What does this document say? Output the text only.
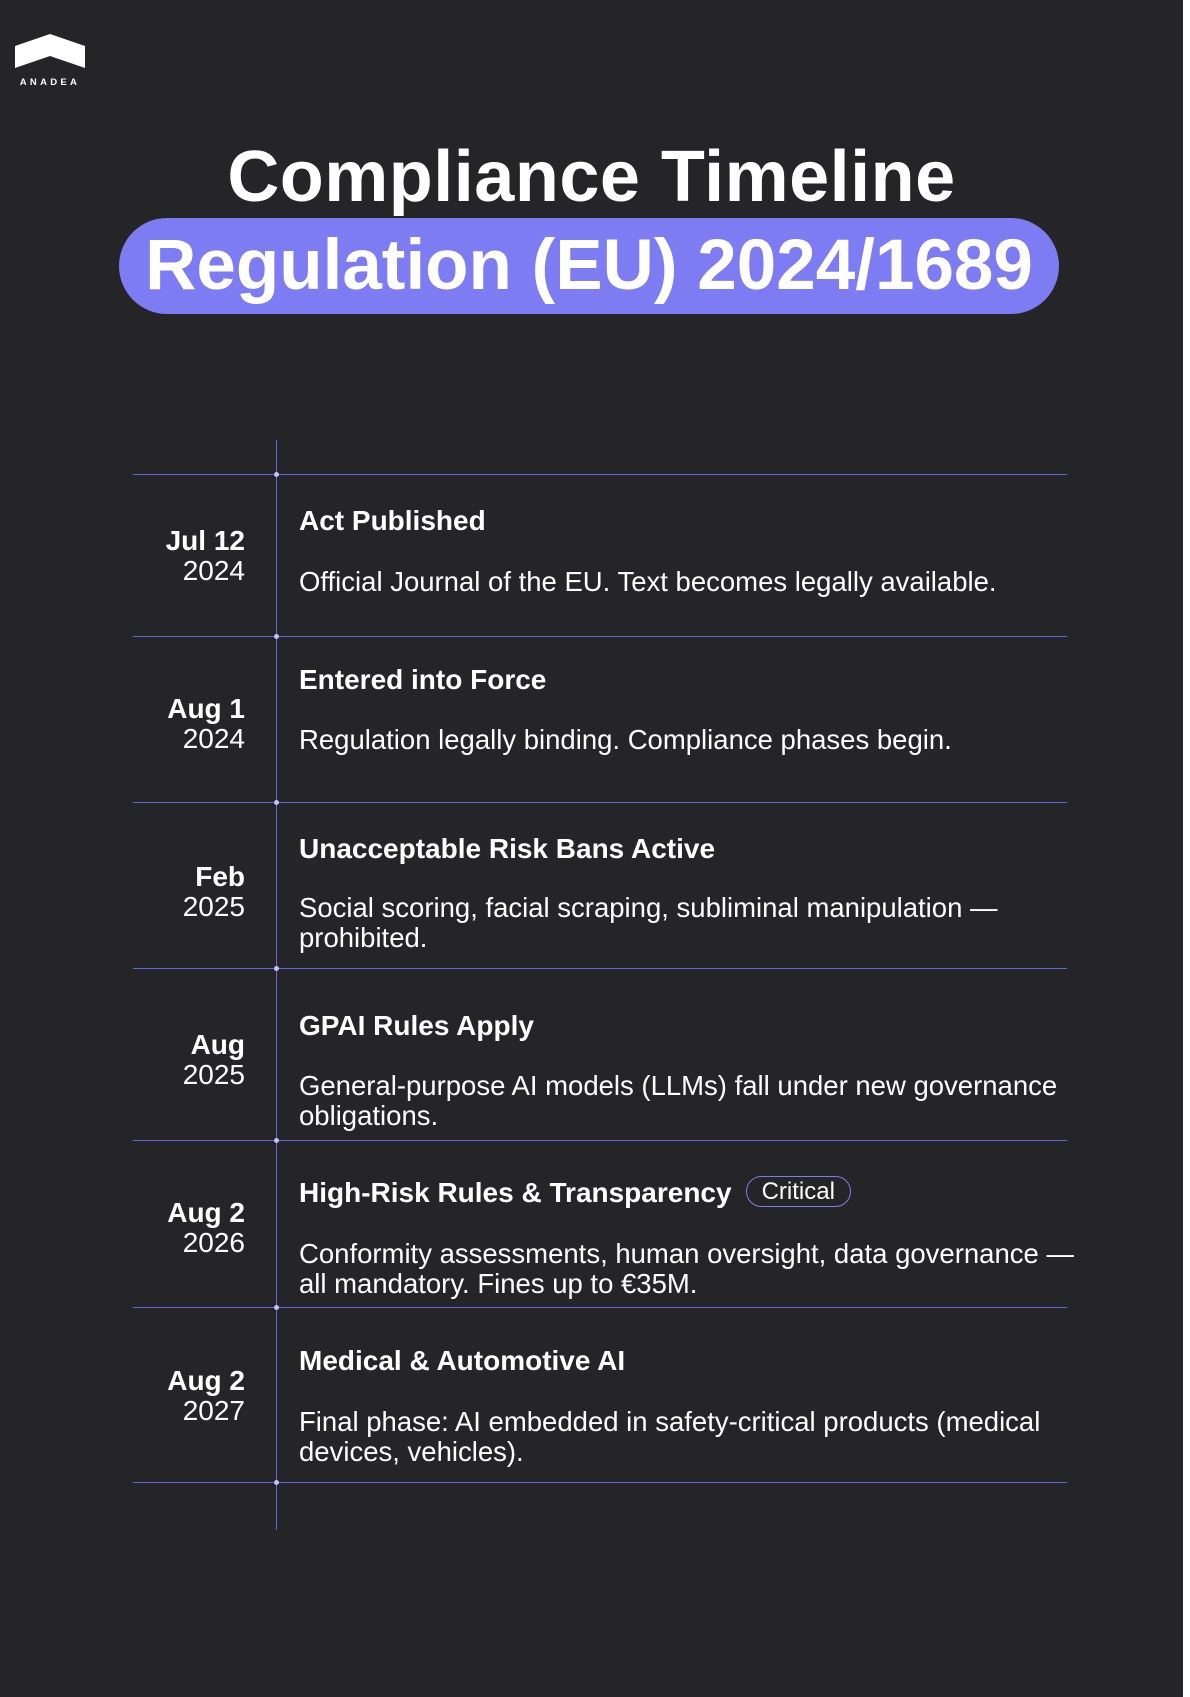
ANADEA
Compliance Timeline
Regulation (EU) 2024/1689
Jul 12
2024
Act Published
Official Journal of the EU. Text becomes legally available.
Aug 1
2024
Entered into Force
Regulation legally binding. Compliance phases begin.
Feb
2025
Unacceptable Risk Bans Active
Social scoring, facial scraping, subliminal manipulation — prohibited.
Aug
2025
GPAI Rules Apply
General-purpose AI models (LLMs) fall under new governance obligations.
Aug 2
2026
High-Risk Rules & Transparency Critical
Conformity assessments, human oversight, data governance — all mandatory. Fines up to €35M.
Aug 2
2027
Medical & Automotive AI
Final phase: AI embedded in safety-critical products (medical devices, vehicles).
